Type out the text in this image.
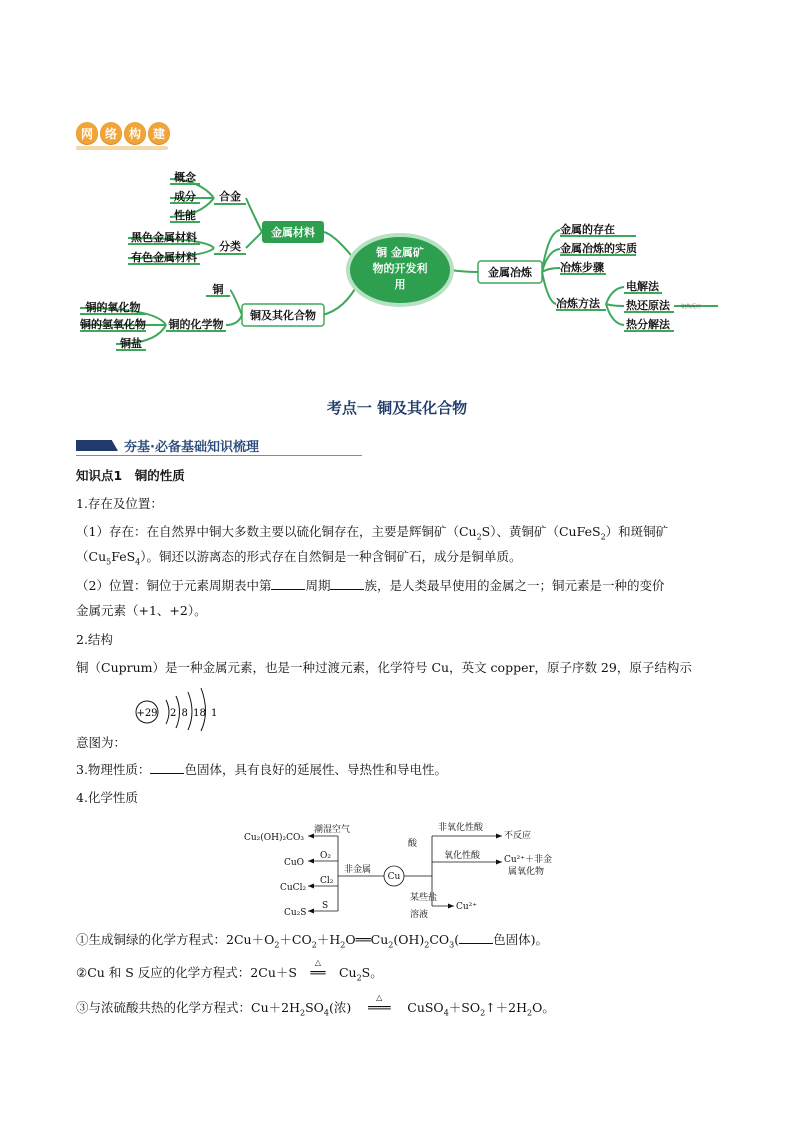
网 络 构 建
铜 金属矿
物的开发利
用
金属材料
铜及其化合物
金属冶炼
合金
概念
成分
性能
分类
黑色金属材料
有色金属材料
铜
铜的化学物
铜的氧化物
铜的氢氧化物
铜盐
金属的存在
金属冶炼的实质
冶炼步骤
冶炼方法
电解法
热还原法
热分解法
铝热反应
考点一 铜及其化合物
夯基·必备基础知识梳理
知识点1　铜的性质
1.存在及位置：
（1）存在：在自然界中铜大多数主要以硫化铜存在，主要是辉铜矿$(Cu_2S)$、黄铜矿（CuFeS$_2$）和斑铜矿
$(Cu_5FeS_4)$。铜还以游离态的形式存在自然铜是一种含铜矿石，成分是铜单质。
（2）位置：铜位于元素周期表中第	周期	族，是人类最早使用的金属之一；铜元素是一种的变价
金属元素（+1、+2）。
2.结构
铜（Cuprum）是一种金属元素，也是一种过渡元素，化学符号 Cu，英文 copper，原子序数 29，原子结构示
+29 2 8 18 1
意图为：
3.物理性质：	色固体，具有良好的延展性、导热性和导电性。
4.化学性质
Cu₂(OH)₂CO₃
CuO
CuCl₂
Cu₂S
潮湿空气
O₂
Cl₂
S
非金属
Cu
酸
非氧化性酸
不反应
氧化性酸	Cu²⁺＋非金
属氧化物
某些盐
溶液
Cu²⁺
①生成铜绿的化学方程式：$2Cu+O_2+CO_2+H_2O══Cu_2(OH)_2CO_3$(	色固体)。
②Cu 和 S 反应的化学方程式：2Cu＋S
△
══ $Cu_2S$。
③与浓硫酸共热的化学方程式：$Cu+2H_2SO_4$(浓)
△
═══ $CuSO_4+SO_2↑+2H_2O$。
